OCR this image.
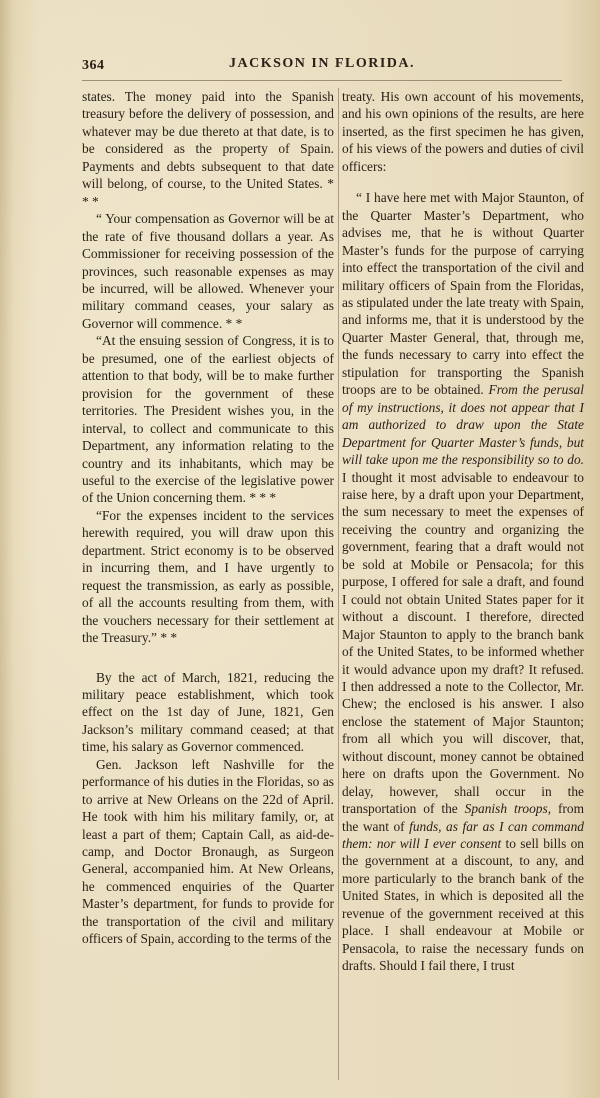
364	JACKSON IN FLORIDA.

states. The money paid into the Spanish treasury before the delivery of possession, and whatever may be due thereto at that date, is to be considered as the property of Spain. Payments and debts subsequent to that date will belong, of course, to the United States. * * *

“ Your compensation as Governor will be at the rate of five thousand dollars a year. As Commissioner for receiving possession of the provinces, such reasonable expenses as may be incurred, will be allowed. Whenever your military command ceases, your salary as Governor will commence. * *

“At the ensuing session of Congress, it is to be presumed, one of the earliest objects of attention to that body, will be to make further provision for the government of these territories. The President wishes you, in the interval, to collect and communicate to this Department, any information relating to the country and its inhabitants, which may be useful to the exercise of the legislative power of the Union concerning them. * * *

“For the expenses incident to the services herewith required, you will draw upon this department. Strict economy is to be observed in incurring them, and I have urgently to request the transmission, as early as possible, of all the accounts resulting from them, with the vouchers necessary for their settlement at the Treasury.” * *

By the act of March, 1821, reducing the military peace establishment, which took effect on the 1st day of June, 1821, Gen Jackson’s military command ceased; at that time, his salary as Governor commenced.

Gen. Jackson left Nashville for the performance of his duties in the Floridas, so as to arrive at New Orleans on the 22d of April. He took with him his military family, or, at least a part of them; Captain Call, as aid-de-camp, and Doctor Bronaugh, as Surgeon General, accompanied him. At New Orleans, he commenced enquiries of the Quarter Master’s department, for funds to provide for the transportation of the civil and military officers of Spain, according to the terms of the

treaty. His own account of his movements, and his own opinions of the results, are here inserted, as the first specimen he has given, of his views of the powers and duties of civil officers:

“ I have here met with Major Staunton, of the Quarter Master’s Department, who advises me, that he is without Quarter Master’s funds for the purpose of carrying into effect the transportation of the civil and military officers of Spain from the Floridas, as stipulated under the late treaty with Spain, and informs me, that it is understood by the Quarter Master General, that, through me, the funds necessary to carry into effect the stipulation for transporting the Spanish troops are to be obtained. From the perusal of my instructions, it does not appear that I am authorized to draw upon the State Department for Quarter Master’s funds, but will take upon me the responsibility so to do. I thought it most advisable to endeavour to raise here, by a draft upon your Department, the sum necessary to meet the expenses of receiving the country and organizing the government, fearing that a draft would not be sold at Mobile or Pensacola; for this purpose, I offered for sale a draft, and found I could not obtain United States paper for it without a discount. I therefore, directed Major Staunton to apply to the branch bank of the United States, to be informed whether it would advance upon my draft? It refused. I then addressed a note to the Collector, Mr. Chew; the enclosed is his answer. I also enclose the statement of Major Staunton; from all which you will discover, that, without discount, money cannot be obtained here on drafts upon the Government. No delay, however, shall occur in the transportation of the Spanish troops, from the want of funds, as far as I can command them: nor will I ever consent to sell bills on the government at a discount, to any, and more particularly to the branch bank of the United States, in which is deposited all the revenue of the government received at this place. I shall endeavour at Mobile or Pensacola, to raise the necessary funds on drafts. Should I fail there, I trust
